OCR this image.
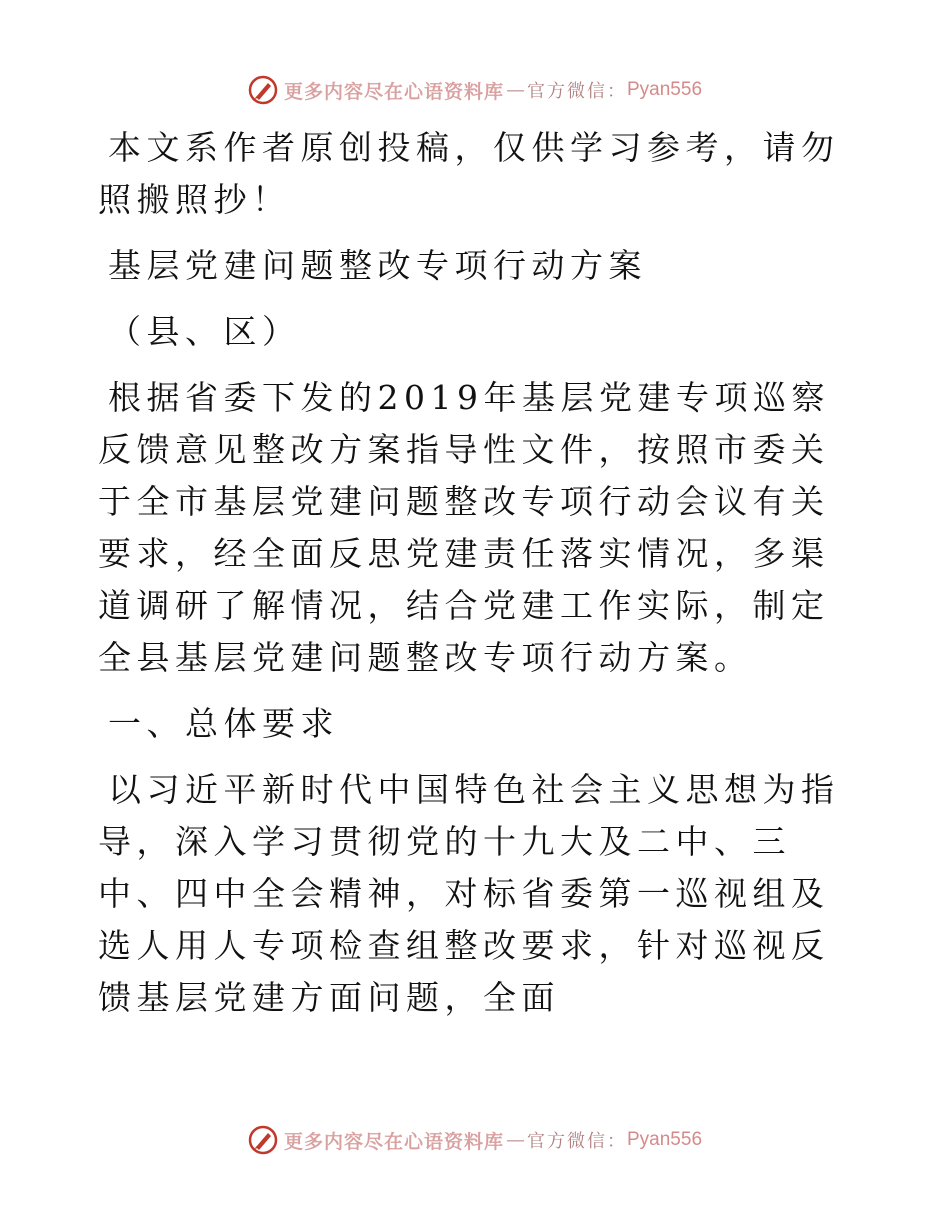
更多内容尽在心语资料库 — 官方微信： Pyan556

本文系作者原创投稿，仅供学习参考，请勿照搬照抄！

基层党建问题整改专项行动方案

（县、区）

根据省委下发的2019年基层党建专项巡察反馈意见整改方案指导性文件，按照市委关于全市基层党建问题整改专项行动会议有关要求，经全面反思党建责任落实情况，多渠道调研了解情况，结合党建工作实际，制定全县基层党建问题整改专项行动方案。

一、总体要求

以习近平新时代中国特色社会主义思想为指导，深入学习贯彻党的十九大及二中、三中、四中全会精神，对标省委第一巡视组及选人用人专项检查组整改要求，针对巡视反馈基层党建方面问题，全面

更多内容尽在心语资料库 — 官方微信： Pyan556
